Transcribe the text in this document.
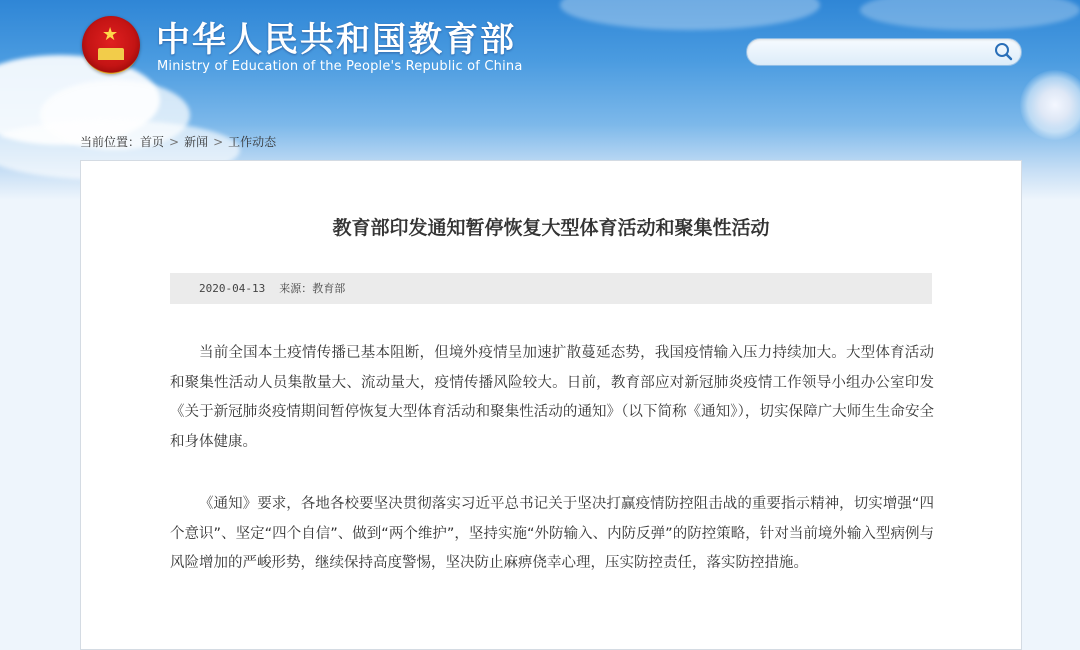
★ 中华人民共和国教育部
Ministry of Education of the People's Republic of China
当前位置：首页 > 新闻 > 工作动态
教育部印发通知暂停恢复大型体育活动和聚集性活动
2020-04-13 来源：教育部

当前全国本土疫情传播已基本阻断，但境外疫情呈加速扩散蔓延态势，我国疫情输入压力持续加大。大型体育活动和聚集性活动人员集散量大、流动量大，疫情传播风险较大。日前，教育部应对新冠肺炎疫情工作领导小组办公室印发《关于新冠肺炎疫情期间暂停恢复大型体育活动和聚集性活动的通知》（以下简称《通知》），切实保障广大师生生命安全和身体健康。

《通知》要求，各地各校要坚决贯彻落实习近平总书记关于坚决打赢疫情防控阻击战的重要指示精神，切实增强“四个意识”、坚定“四个自信”、做到“两个维护”，坚持实施“外防输入、内防反弹”的防控策略，针对当前境外输入型病例与风险增加的严峻形势，继续保持高度警惕，坚决防止麻痹侥幸心理，压实防控责任，落实防控措施。
